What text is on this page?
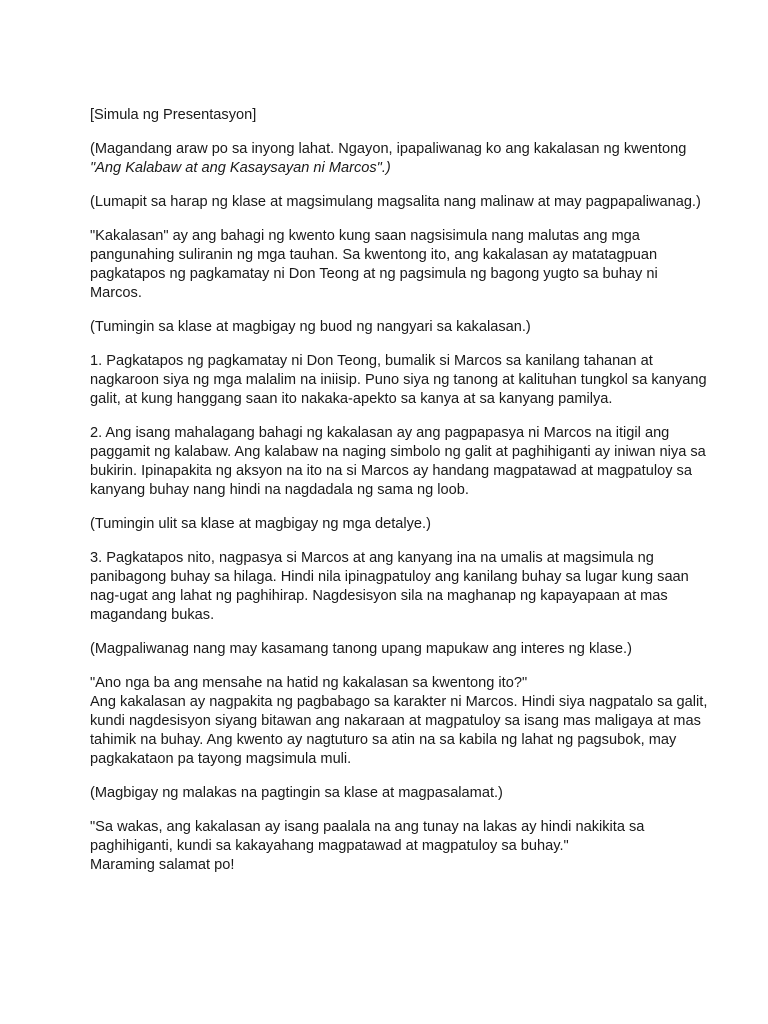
[Simula ng Presentasyon]

(Magandang araw po sa inyong lahat. Ngayon, ipapaliwanag ko ang kakalasan ng kwentong
"Ang Kalabaw at ang Kasaysayan ni Marcos".)

(Lumapit sa harap ng klase at magsimulang magsalita nang malinaw at may pagpapaliwanag.)

"Kakalasan" ay ang bahagi ng kwento kung saan nagsisimula nang malutas ang mga
pangunahing suliranin ng mga tauhan. Sa kwentong ito, ang kakalasan ay matatagpuan
pagkatapos ng pagkamatay ni Don Teong at ng pagsimula ng bagong yugto sa buhay ni
Marcos.

(Tumingin sa klase at magbigay ng buod ng nangyari sa kakalasan.)

1. Pagkatapos ng pagkamatay ni Don Teong, bumalik si Marcos sa kanilang tahanan at
nagkaroon siya ng mga malalim na iniisip. Puno siya ng tanong at kalituhan tungkol sa kanyang
galit, at kung hanggang saan ito nakaka-apekto sa kanya at sa kanyang pamilya.

2. Ang isang mahalagang bahagi ng kakalasan ay ang pagpapasya ni Marcos na itigil ang
paggamit ng kalabaw. Ang kalabaw na naging simbolo ng galit at paghihiganti ay iniwan niya sa
bukirin. Ipinapakita ng aksyon na ito na si Marcos ay handang magpatawad at magpatuloy sa
kanyang buhay nang hindi na nagdadala ng sama ng loob.

(Tumingin ulit sa klase at magbigay ng mga detalye.)

3. Pagkatapos nito, nagpasya si Marcos at ang kanyang ina na umalis at magsimula ng
panibagong buhay sa hilaga. Hindi nila ipinagpatuloy ang kanilang buhay sa lugar kung saan
nag-ugat ang lahat ng paghihirap. Nagdesisyon sila na maghanap ng kapayapaan at mas
magandang bukas.

(Magpaliwanag nang may kasamang tanong upang mapukaw ang interes ng klase.)

"Ano nga ba ang mensahe na hatid ng kakalasan sa kwentong ito?"
Ang kakalasan ay nagpakita ng pagbabago sa karakter ni Marcos. Hindi siya nagpatalo sa galit,
kundi nagdesisyon siyang bitawan ang nakaraan at magpatuloy sa isang mas maligaya at mas
tahimik na buhay. Ang kwento ay nagtuturo sa atin na sa kabila ng lahat ng pagsubok, may
pagkakataon pa tayong magsimula muli.

(Magbigay ng malakas na pagtingin sa klase at magpasalamat.)

"Sa wakas, ang kakalasan ay isang paalala na ang tunay na lakas ay hindi nakikita sa
paghihiganti, kundi sa kakayahang magpatawad at magpatuloy sa buhay."
Maraming salamat po!
